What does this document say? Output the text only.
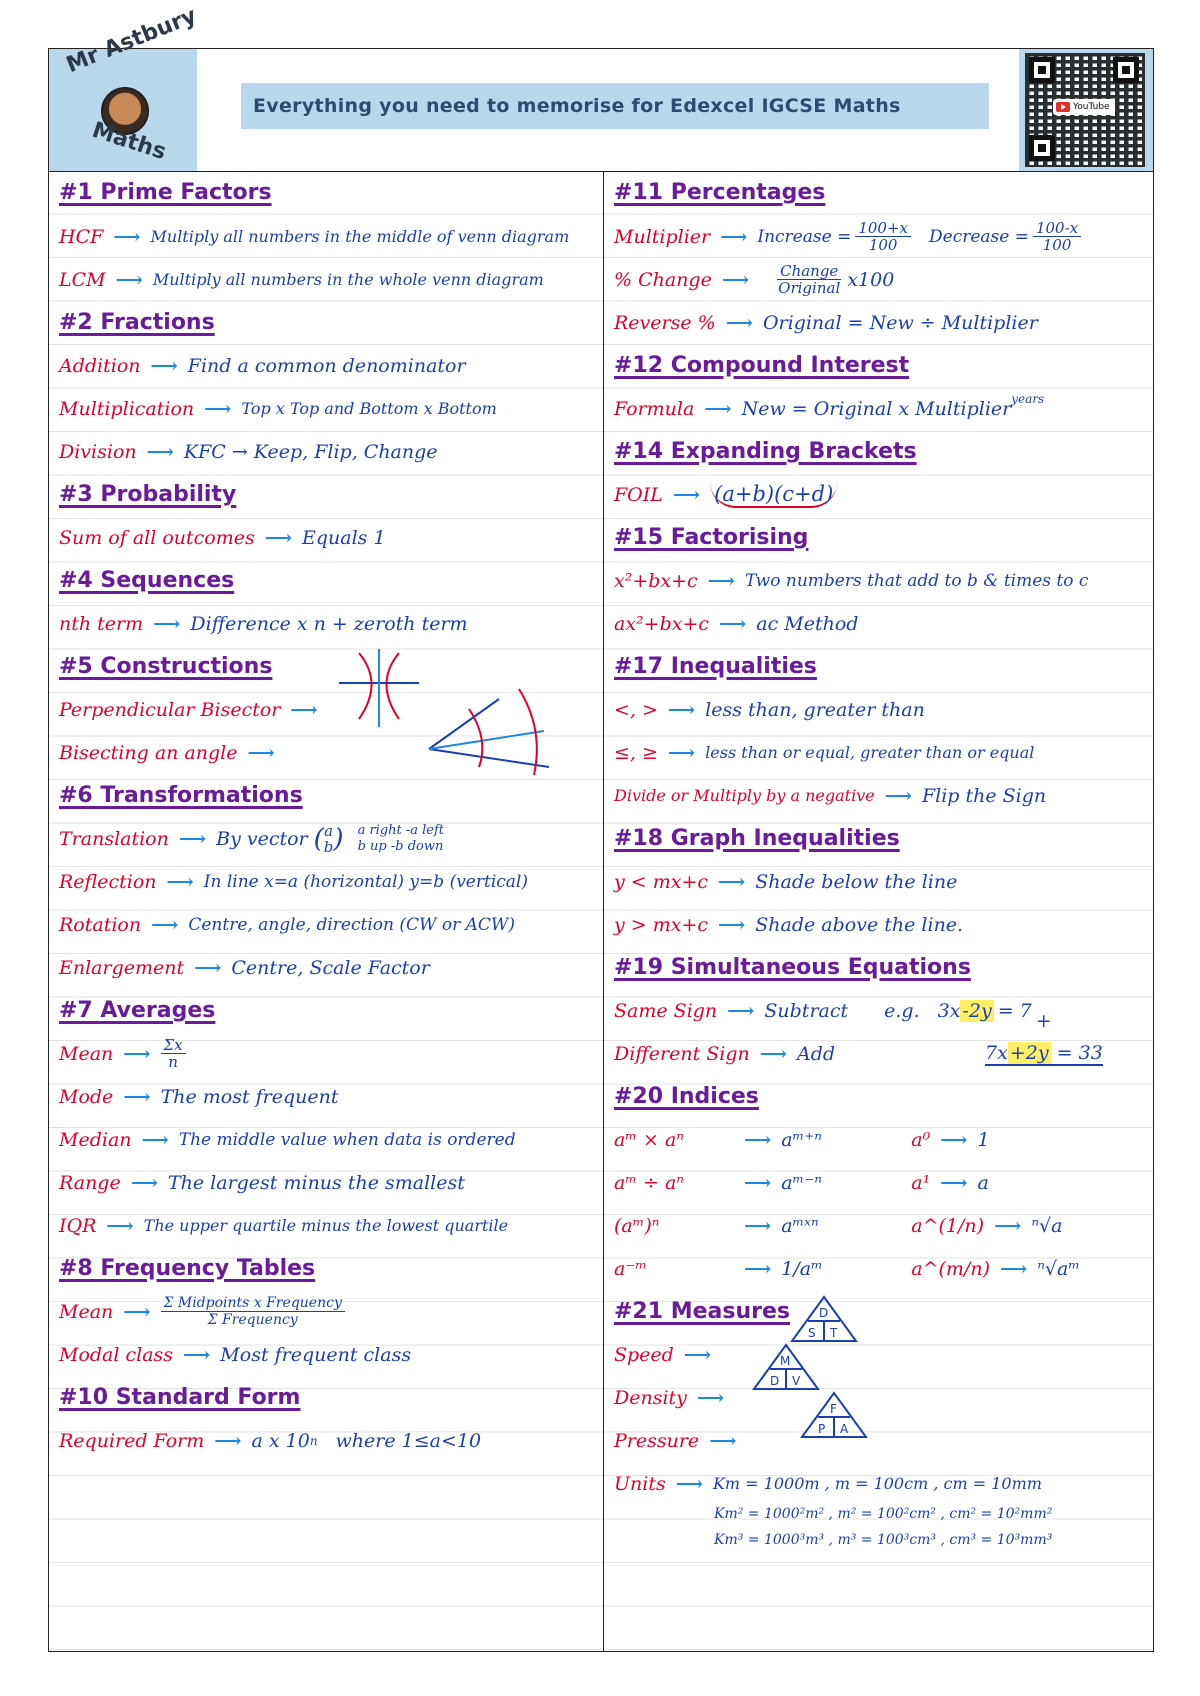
Mr Astbury
Maths
Everything you need to memorise for Edexcel IGCSE Maths	YouTube
#1 Prime Factors
HCF ⟶ Multiply all numbers in the middle of venn diagram
LCM ⟶ Multiply all numbers in the whole venn diagram
#2 Fractions
Addition ⟶ Find a common denominator
Multiplication ⟶ Top x Top and Bottom x Bottom
Division ⟶ KFC → Keep, Flip, Change
#3 Probability
Sum of all outcomes ⟶ Equals 1
#4 Sequences
nth term ⟶ Difference x n + zeroth term
#5 Constructions
Perpendicular Bisector ⟶
Bisecting an angle ⟶
#6 Transformations
Translation ⟶ By vector ( a
b ) a right -a left
b up -b down
Reflection ⟶ In line x=a (horizontal) y=b (vertical)
Rotation ⟶ Centre, angle, direction (CW or ACW)
Enlargement ⟶ Centre, Scale Factor
#7 Averages
Mean ⟶ $\frac{\Sigma x}{n}$
Mode ⟶ The most frequent
Median ⟶ The middle value when data is ordered
Range ⟶ The largest minus the smallest
IQR ⟶ The upper quartile minus the lowest quartile
#8 Frequency Tables
Mean ⟶ $\frac{\text{Σ Midpoints x Frequency}}{\text{Σ Frequency}}$
Modal class ⟶ Most frequent class
#10 Standard Form
Required Form ⟶ a x 10 n where 1≤a<10
#11 Percentages
Multiplier ⟶ Increase = $\frac{100+x}{100}$ Decrease = $\frac{100-x}{100}$
% Change ⟶ $\frac{\text{Change}}{\text{Original}} x100$
Reverse % ⟶ Original = New ÷ Multiplier
#12 Compound Interest
Formula ⟶ New = Original x Multiplier$^{years}$
#14 Expanding Brackets
FOIL ⟶ (a+b)(c+d)
#15 Factorising
x²+bx+c ⟶ Two numbers that add to b & times to c
ax²+bx+c ⟶ ac Method
#17 Inequalities
<, > ⟶ less than, greater than
≤, ≥ ⟶ less than or equal, greater than or equal
Divide or Multiply by a negative ⟶ Flip the Sign
#18 Graph Inequalities
y < mx+c ⟶ Shade below the line
y > mx+c ⟶ Shade above the line.
#19 Simultaneous Equations
Same Sign ⟶ Subtract e.g. 3x -2y = 7 +
Different Sign ⟶ Add	7x +2y = 33
#20 Indices
aᵐ × aⁿ	⟶ aᵐ⁺ⁿ	a⁰ ⟶ 1
aᵐ ÷ aⁿ	⟶ aᵐ⁻ⁿ	a¹ ⟶ a
(aᵐ)ⁿ	⟶ aᵐˣⁿ	a^(1/n) ⟶ ⁿ√a
a⁻ᵐ	⟶ 1/aᵐ	a^(m/n) ⟶ ⁿ√aᵐ
#21 Measures
Speed ⟶
Density ⟶
Pressure ⟶
D
S T
M
D V
F
P A
Units ⟶ Km = 1000m , m = 100cm , cm = 10mm
Km² = 1000²m² , m² = 100²cm² , cm² = 10²mm²
Km³ = 1000³m³ , m³ = 100³cm³ , cm³ = 10³mm³
